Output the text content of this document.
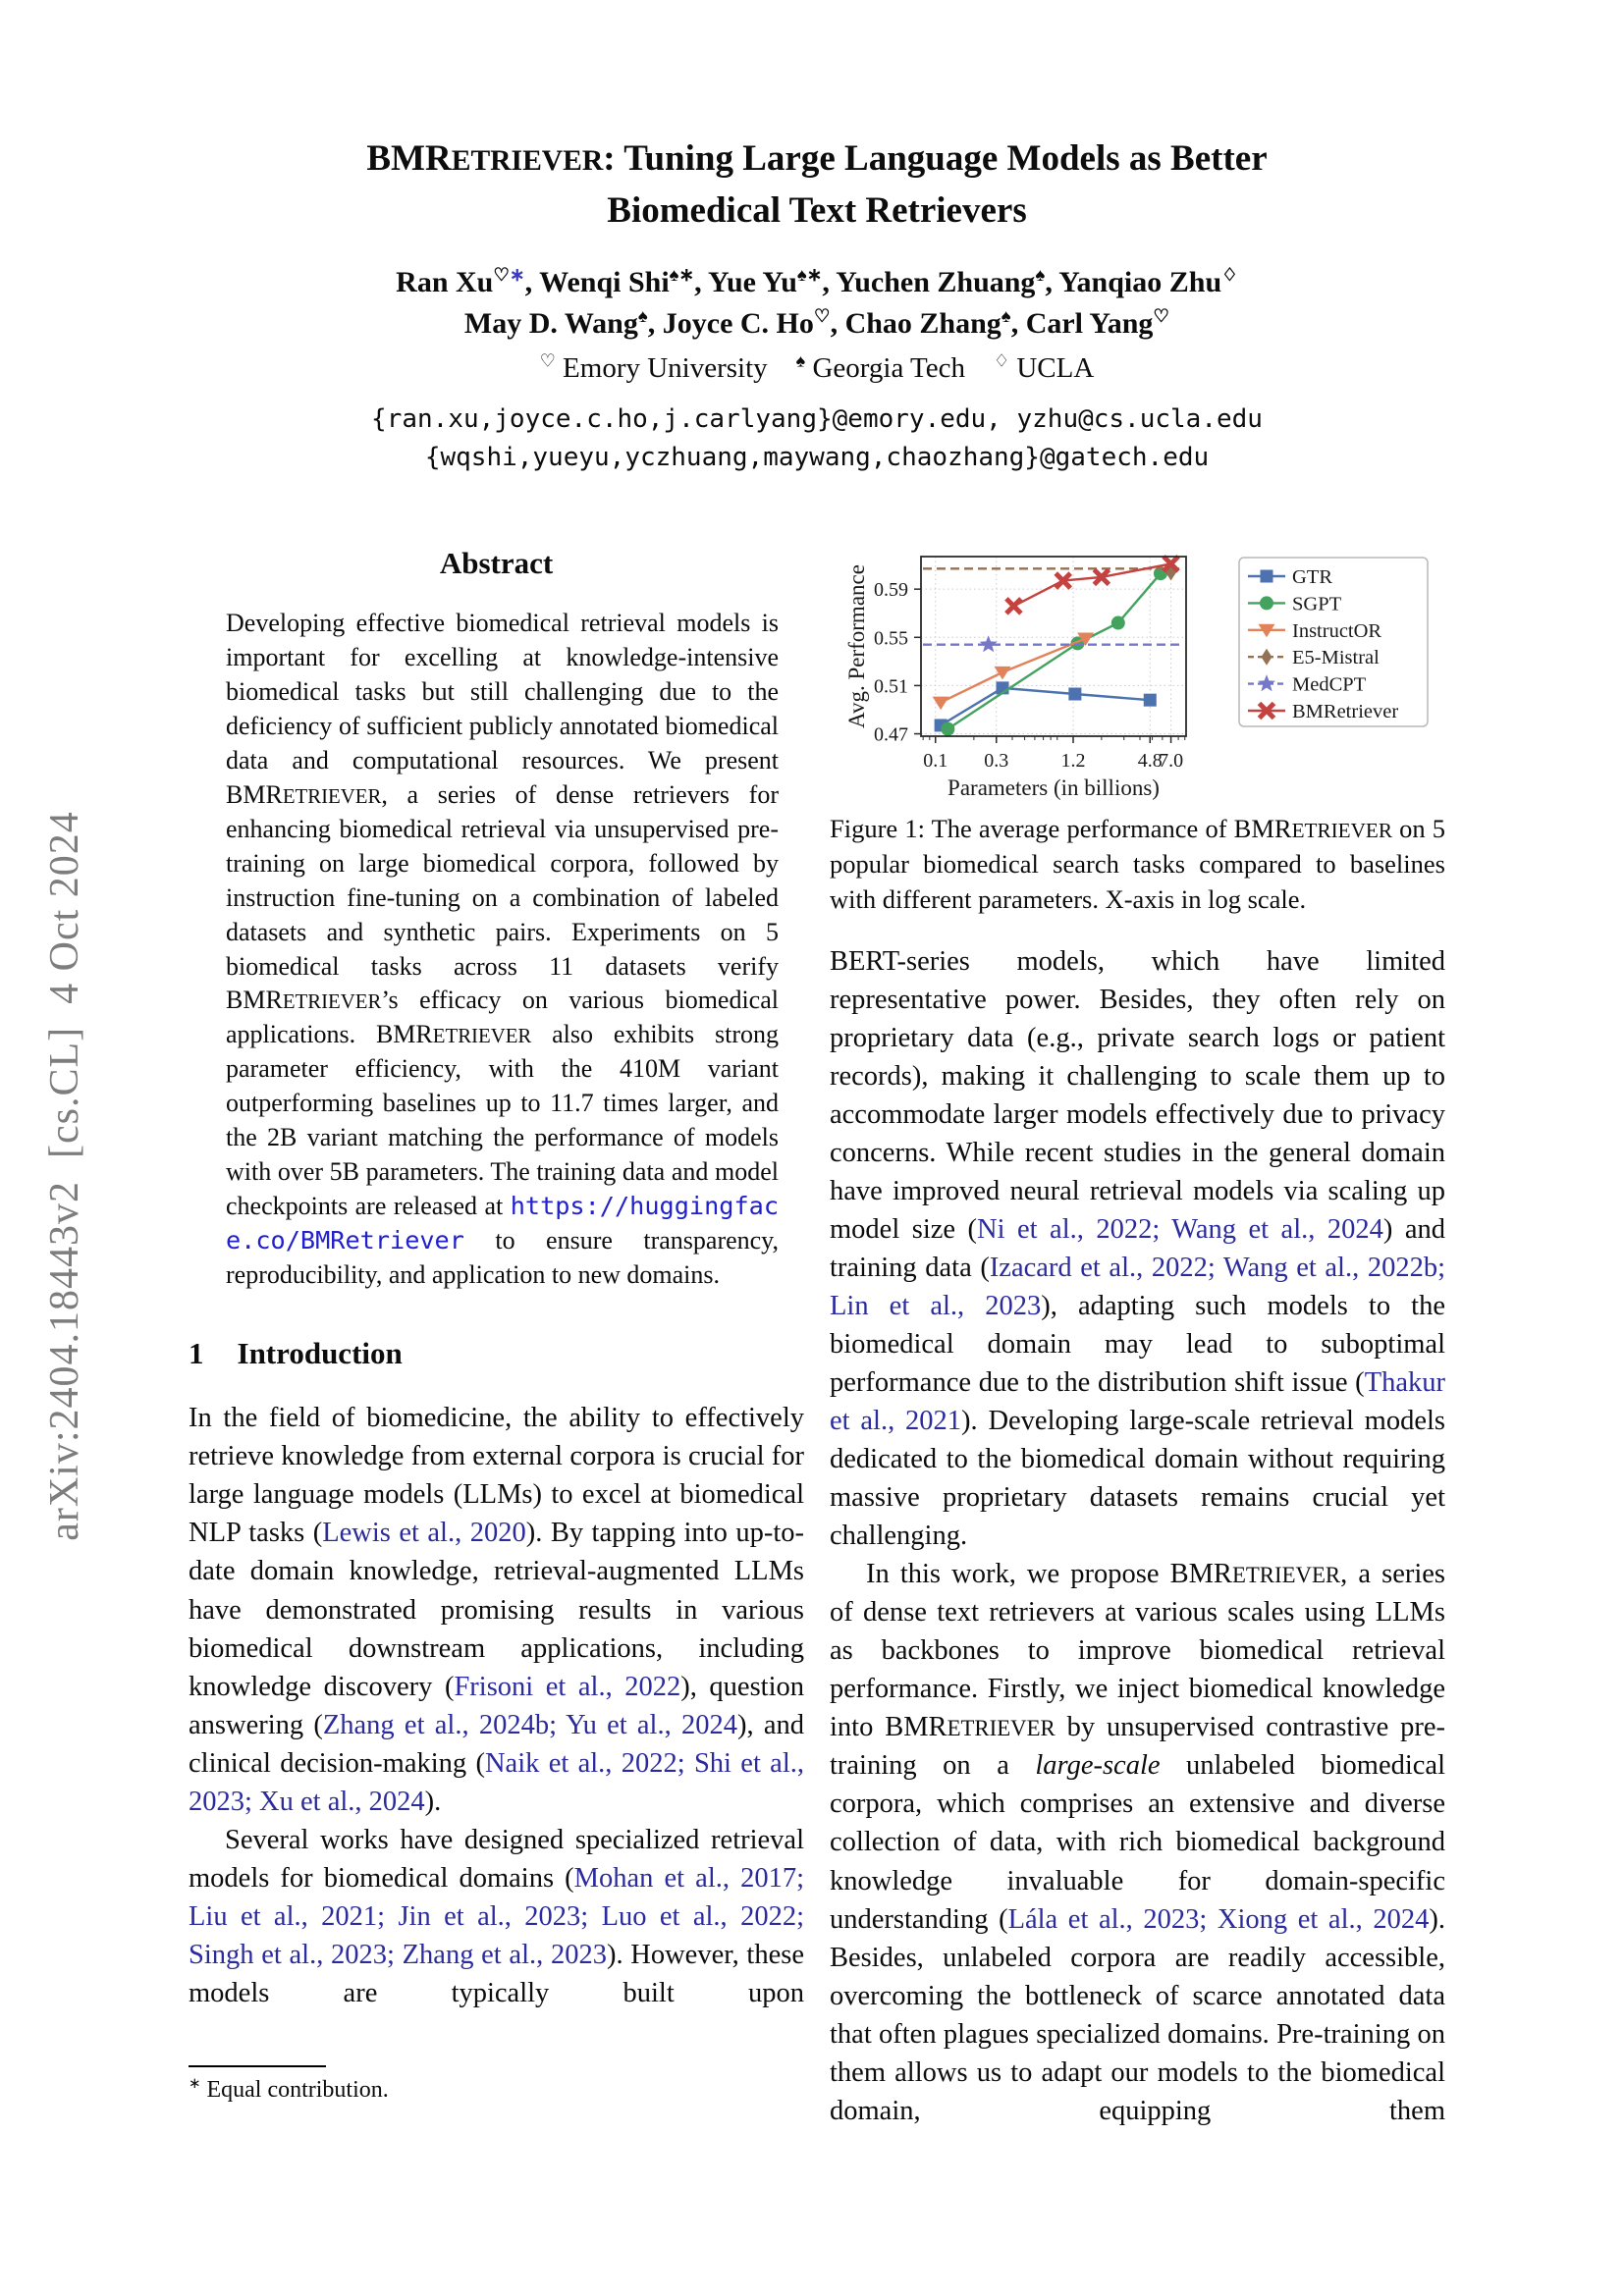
arXiv:2404.18443v2  [cs.CL]  4 Oct 2024
BMRETRIEVER: Tuning Large Language Models as Better Biomedical Text Retrievers
Ran Xu♡∗, Wenqi Shi♠∗, Yue Yu♠∗, Yuchen Zhuang♠, Yanqiao Zhu♢
May D. Wang♠, Joyce C. Ho♡, Chao Zhang♠, Carl Yang♡
♡ Emory University ♠ Georgia Tech ♢ UCLA
{ran.xu,joyce.c.ho,j.carlyang}@emory.edu, yzhu@cs.ucla.edu
{wqshi,yueyu,yczhuang,maywang,chaozhang}@gatech.edu
Abstract

Developing effective biomedical retrieval models is important for excelling at knowledge-intensive biomedical tasks but still challenging due to the deficiency of sufficient publicly annotated biomedical data and computational resources. We present BMRETRIEVER, a series of dense retrievers for enhancing biomedical retrieval via unsupervised pre-training on large biomedical corpora, followed by instruction fine-tuning on a combination of labeled datasets and synthetic pairs. Experiments on 5 biomedical tasks across 11 datasets verify BMRETRIEVER’s efficacy on various biomedical applications. BMRETRIEVER also exhibits strong parameter efficiency, with the 410M variant outperforming baselines up to 11.7 times larger, and the 2B variant matching the performance of models with over 5B parameters. The training data and model checkpoints are released at https://huggingface.co/BMRetriever to ensure transparency, reproducibility, and application to new domains.

1 Introduction

In the field of biomedicine, the ability to effectively retrieve knowledge from external corpora is crucial for large language models (LLMs) to excel at biomedical NLP tasks (Lewis et al., 2020). By tapping into up-to-date domain knowledge, retrieval-augmented LLMs have demonstrated promising results in various biomedical downstream applications, including knowledge discovery (Frisoni et al., 2022), question answering (Zhang et al., 2024b; Yu et al., 2024), and clinical decision-making (Naik et al., 2022; Shi et al., 2023; Xu et al., 2024).

Several works have designed specialized retrieval models for biomedical domains (Mohan et al., 2017; Liu et al., 2021; Jin et al., 2023; Luo et al., 2022; Singh et al., 2023; Zhang et al., 2023). However, these models are typically built upon

0.1 0.3	1.2	4.8
7.0
0.47
0.51
0.55
0.59
Parameters (in billions)
Avg. Performance	GTR
SGPT
InstructOR
E5-Mistral
MedCPT
BMRetriever
Figure 1: The average performance of BMRETRIEVER on 5 popular biomedical search tasks compared to baselines with different parameters. X-axis in log scale.

BERT-series models, which have limited representative power. Besides, they often rely on proprietary data (e.g., private search logs or patient records), making it challenging to scale them up to accommodate larger models effectively due to privacy concerns. While recent studies in the general domain have improved neural retrieval models via scaling up model size (Ni et al., 2022; Wang et al., 2024) and training data (Izacard et al., 2022; Wang et al., 2022b; Lin et al., 2023), adapting such models to the biomedical domain may lead to suboptimal performance due to the distribution shift issue (Thakur et al., 2021). Developing large-scale retrieval models dedicated to the biomedical domain without requiring massive proprietary datasets remains crucial yet challenging.

In this work, we propose BMRETRIEVER, a series of dense text retrievers at various scales using LLMs as backbones to improve biomedical retrieval performance. Firstly, we inject biomedical knowledge into BMRETRIEVER by unsupervised contrastive pre-training on a large-scale unlabeled biomedical corpora, which comprises an extensive and diverse collection of data, with rich biomedical background knowledge invaluable for domain-specific understanding (Lála et al., 2023; Xiong et al., 2024). Besides, unlabeled corpora are readily accessible, overcoming the bottleneck of scarce annotated data that often plagues specialized domains. Pre-training on them allows us to adapt our models to the biomedical domain, equipping them

∗ Equal contribution.
